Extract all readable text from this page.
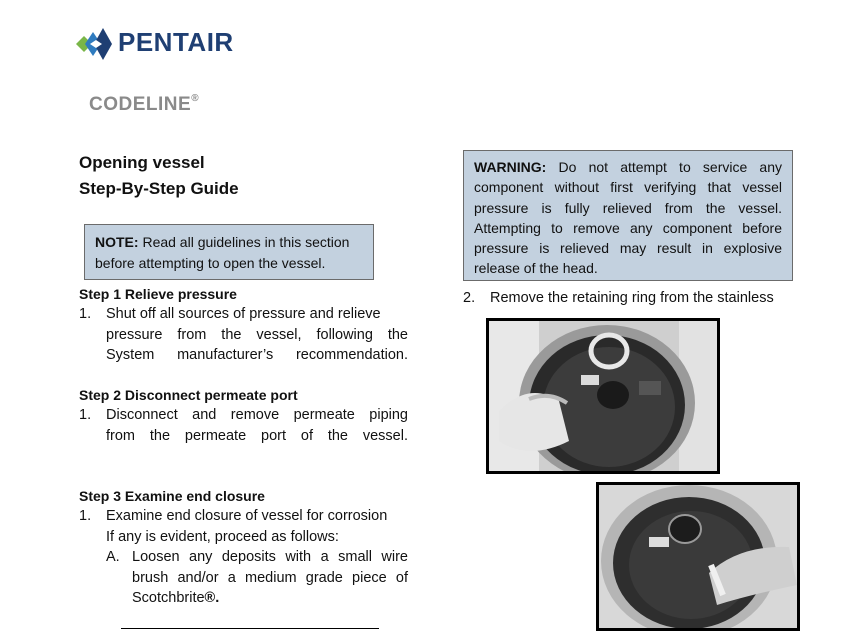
PENTAIR
CODELINE®
Opening vessel
Step-By-Step Guide
NOTE: Read all guidelines in this section
before attempting to open the vessel.
WARNING: Do not attempt to service any component without first verifying that vessel pressure is fully relieved from the vessel. Attempting to remove any component before pressure is relieved may result in explosive release of the head.
Step 1 Relieve pressure
1. Shut off all sources of pressure and relieve
pressure from the vessel, following the
System manufacturer’s recommendation.
Step 2 Disconnect permeate port
1. Disconnect and remove permeate piping
from the permeate port of the vessel.
Step 3 Examine end closure
1. Examine end closure of vessel for corrosion
If any is evident, proceed as follows:
A. Loosen any deposits with a small wire
brush and/or a medium grade piece of
Scotchbrite®.
2. Remove the retaining ring from the stainless
